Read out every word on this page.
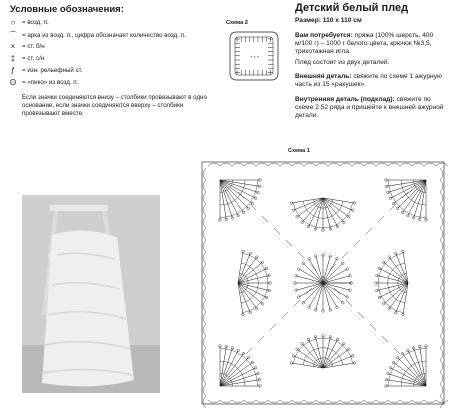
Условные обозначения:
○	= возд. п.
⌒ = арка из возд. п., цифра обозначает количество возд. п.
×	= ст. б/н
‡	= ст. с/н
ƒ	= изн. рельефный ст.
ʘ = «пико» из возд. п.
Если значки соединяются внизу – столбики провязывают в одно основание, если значки соединяются вверху – столбики провязывают вместе.
Схема 2
+ × ×
Детский белый плед
Размер: 110 х 110 см
Вам потребуется: пряжа (100% шерсть, 400 м/100 г) – 1000 г белого цвета, крючок №3,5, трикотажная игла.
Плед состоит из двух деталей.
Внешняя деталь: свяжите по схеме 1 ажурную часть из 15 «ракушек».
Внутренняя деталь (подклад): свяжите по схеме 2 52 ряда и пришейте к внешней ажурной детали.
Схема 1
